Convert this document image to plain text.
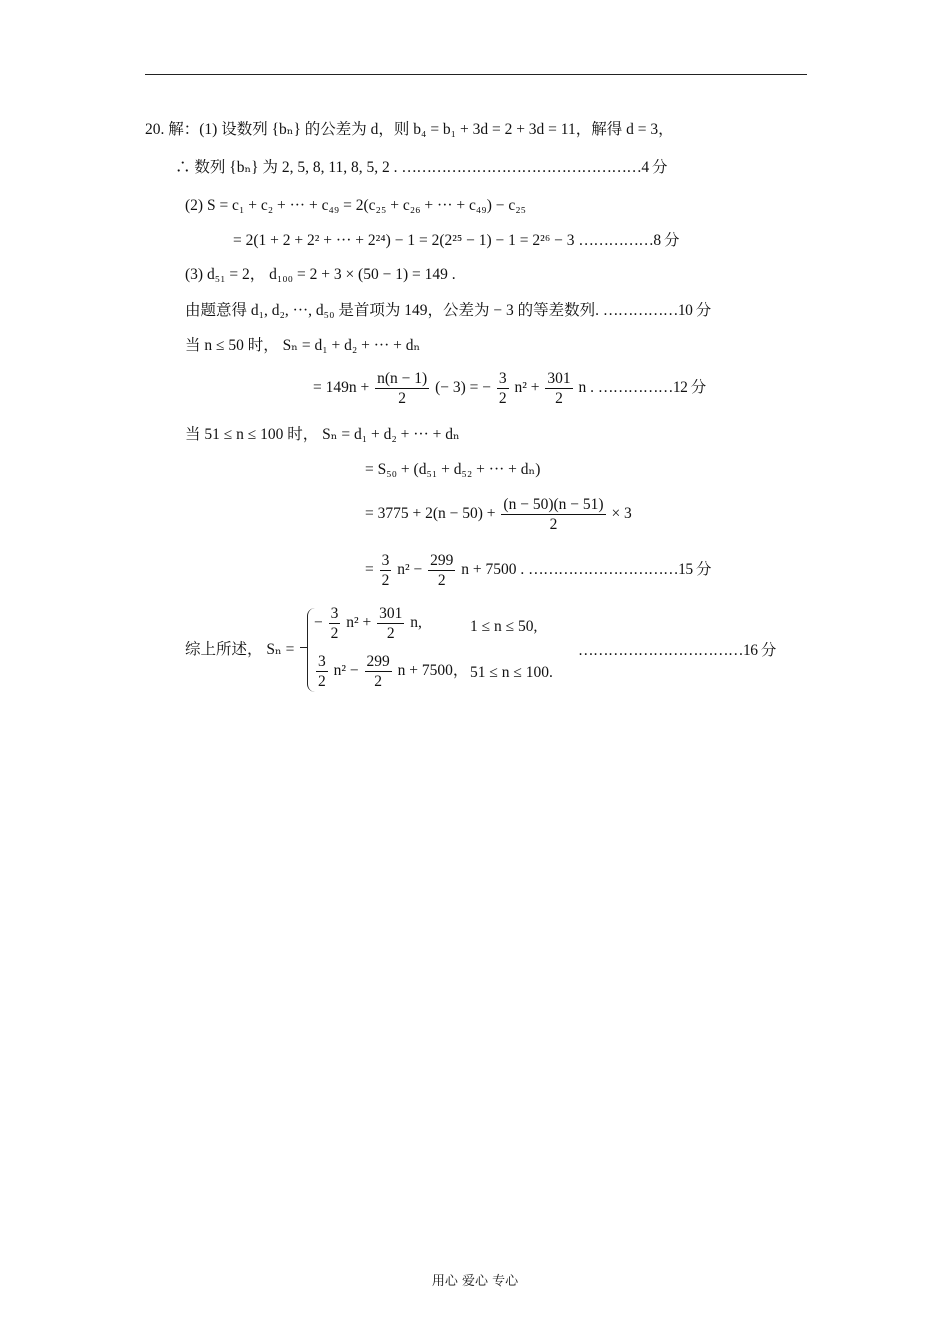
20. 解：(1) 设数列 {bₙ} 的公差为 d，则 b₄ = b₁ + 3d = 2 + 3d = 11，解得 d = 3，
∴ 数列 {bₙ} 为 2, 5, 8, 11, 8, 5, 2 . …………………………………………4 分
(2) S = c₁ + c₂ + ··· + c₄₉ = 2(c₂₅ + c₂₆ + ··· + c₄₉) − c₂₅
= 2(1 + 2 + 2² + ··· + 2²⁴) − 1 = 2(2²⁵ − 1) − 1 = 2²⁶ − 3 ……………8 分
(3) d₅₁ = 2， d₁₀₀ = 2 + 3 × (50 − 1) = 149 .
由题意得 d₁, d₂, ···, d₅₀ 是首项为 149，公差为 − 3 的等差数列. ……………10 分
当 n ≤ 50 时， Sₙ = d₁ + d₂ + ··· + dₙ
= $149n + \frac{n(n - 1)}{2}$ (− 3) = − $\frac{3}{2} n^2 + \frac{301}{2}$ n . ……………12 分
当 51 ≤ n ≤ 100 时， Sₙ = d₁ + d₂ + ··· + dₙ
= S₅₀ + (d₅₁ + d₅₂ + ··· + dₙ)
= $3775 + 2(n - 50) + \frac{(n - 50)(n - 51)}{2} \times 3$
= $\frac{3}{2} n^2 - \frac{299}{2}$ n + 7500 . …………………………15 分
综上所述， Sₙ =
− $\frac{3}{2} n^2 + \frac{301}{2} n$,	1 ≤ n ≤ 50,
$\frac{3}{2} n^2 - \frac{299}{2}$ n + 7500， 51 ≤ n ≤ 100.
……………………………16 分
用心 爱心 专心
